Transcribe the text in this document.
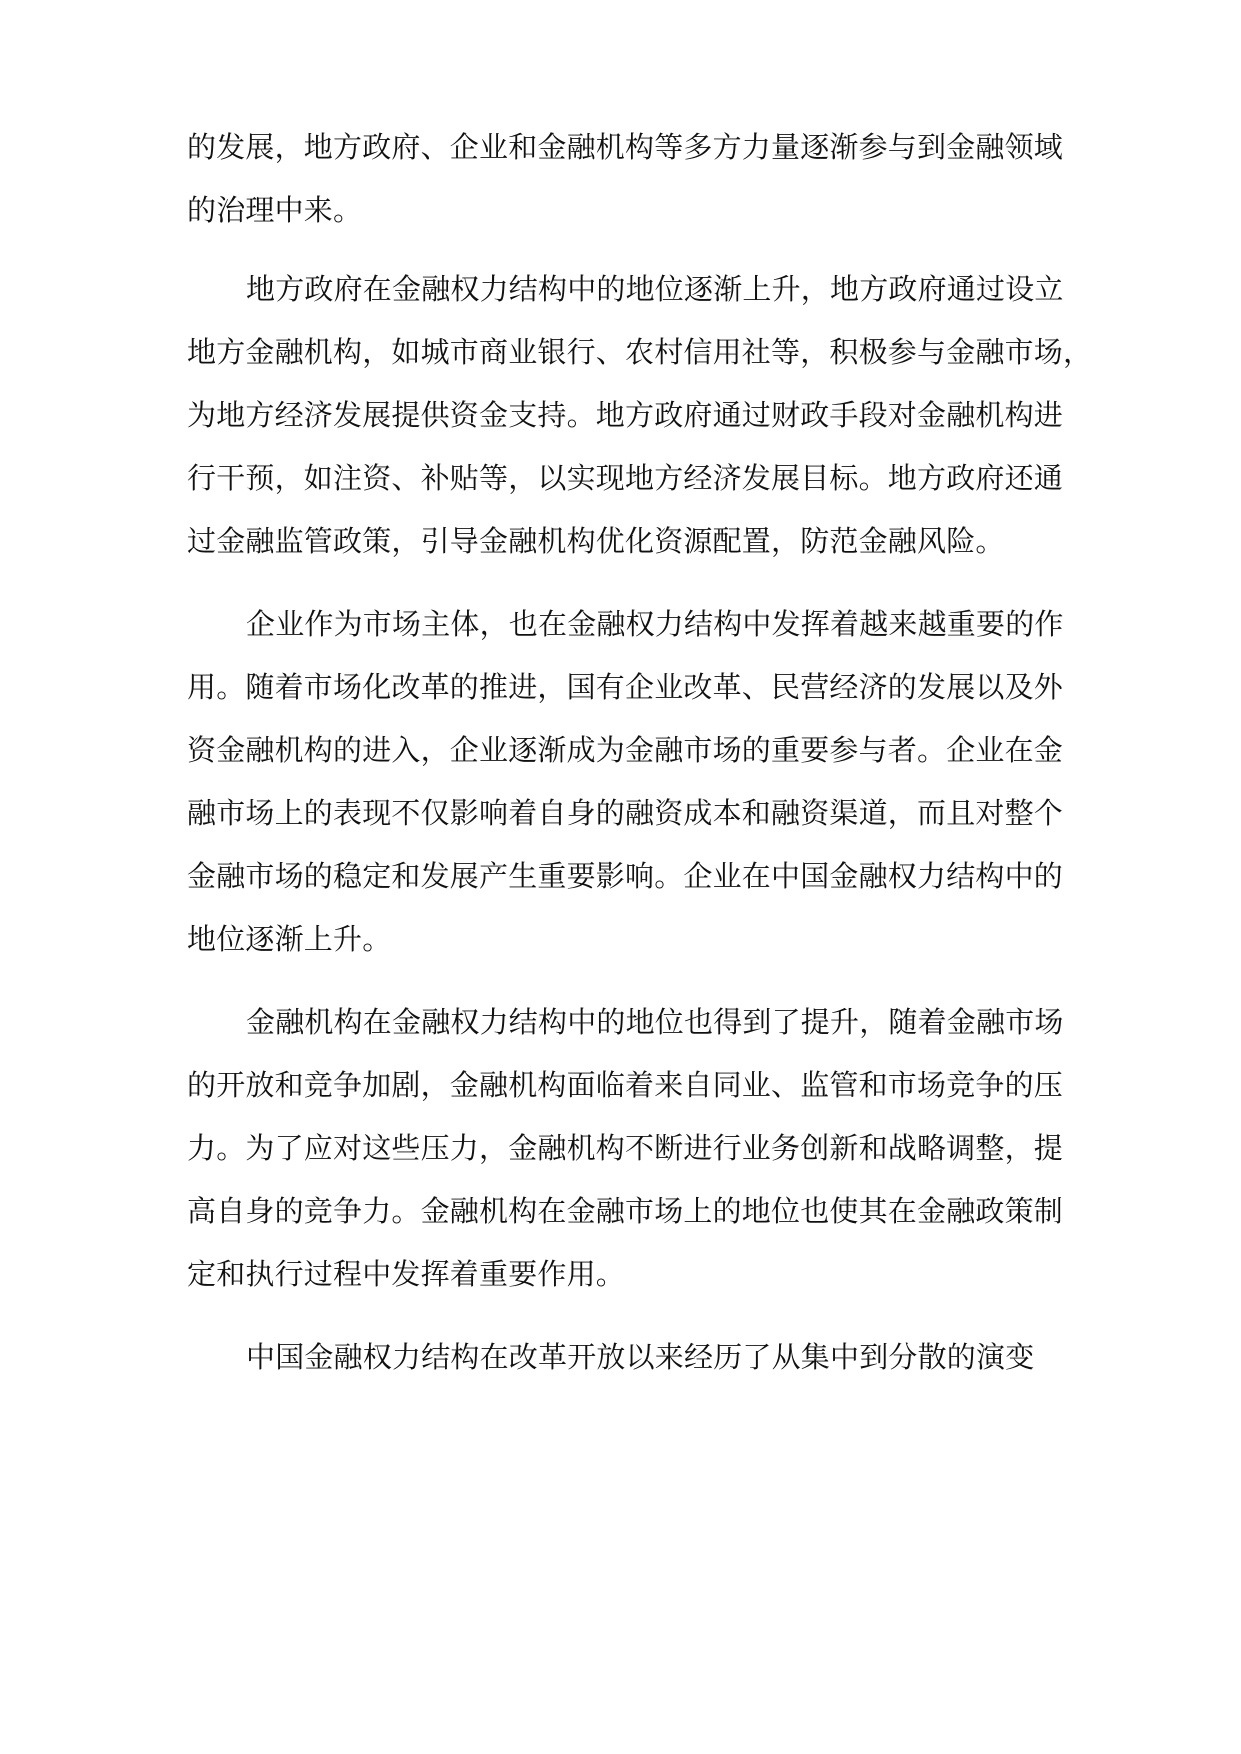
的发展，地方政府、企业和金融机构等多方力量逐渐参与到金融领域
的治理中来。
地方政府在金融权力结构中的地位逐渐上升，地方政府通过设立
地方金融机构，如城市商业银行、农村信用社等，积极参与金融市场，
为地方经济发展提供资金支持。地方政府通过财政手段对金融机构进
行干预，如注资、补贴等，以实现地方经济发展目标。地方政府还通
过金融监管政策，引导金融机构优化资源配置，防范金融风险。
企业作为市场主体，也在金融权力结构中发挥着越来越重要的作
用。随着市场化改革的推进，国有企业改革、民营经济的发展以及外
资金融机构的进入，企业逐渐成为金融市场的重要参与者。企业在金
融市场上的表现不仅影响着自身的融资成本和融资渠道，而且对整个
金融市场的稳定和发展产生重要影响。企业在中国金融权力结构中的
地位逐渐上升。
金融机构在金融权力结构中的地位也得到了提升，随着金融市场
的开放和竞争加剧，金融机构面临着来自同业、监管和市场竞争的压
力。为了应对这些压力，金融机构不断进行业务创新和战略调整，提
高自身的竞争力。金融机构在金融市场上的地位也使其在金融政策制
定和执行过程中发挥着重要作用。
中国金融权力结构在改革开放以来经历了从集中到分散的演变
